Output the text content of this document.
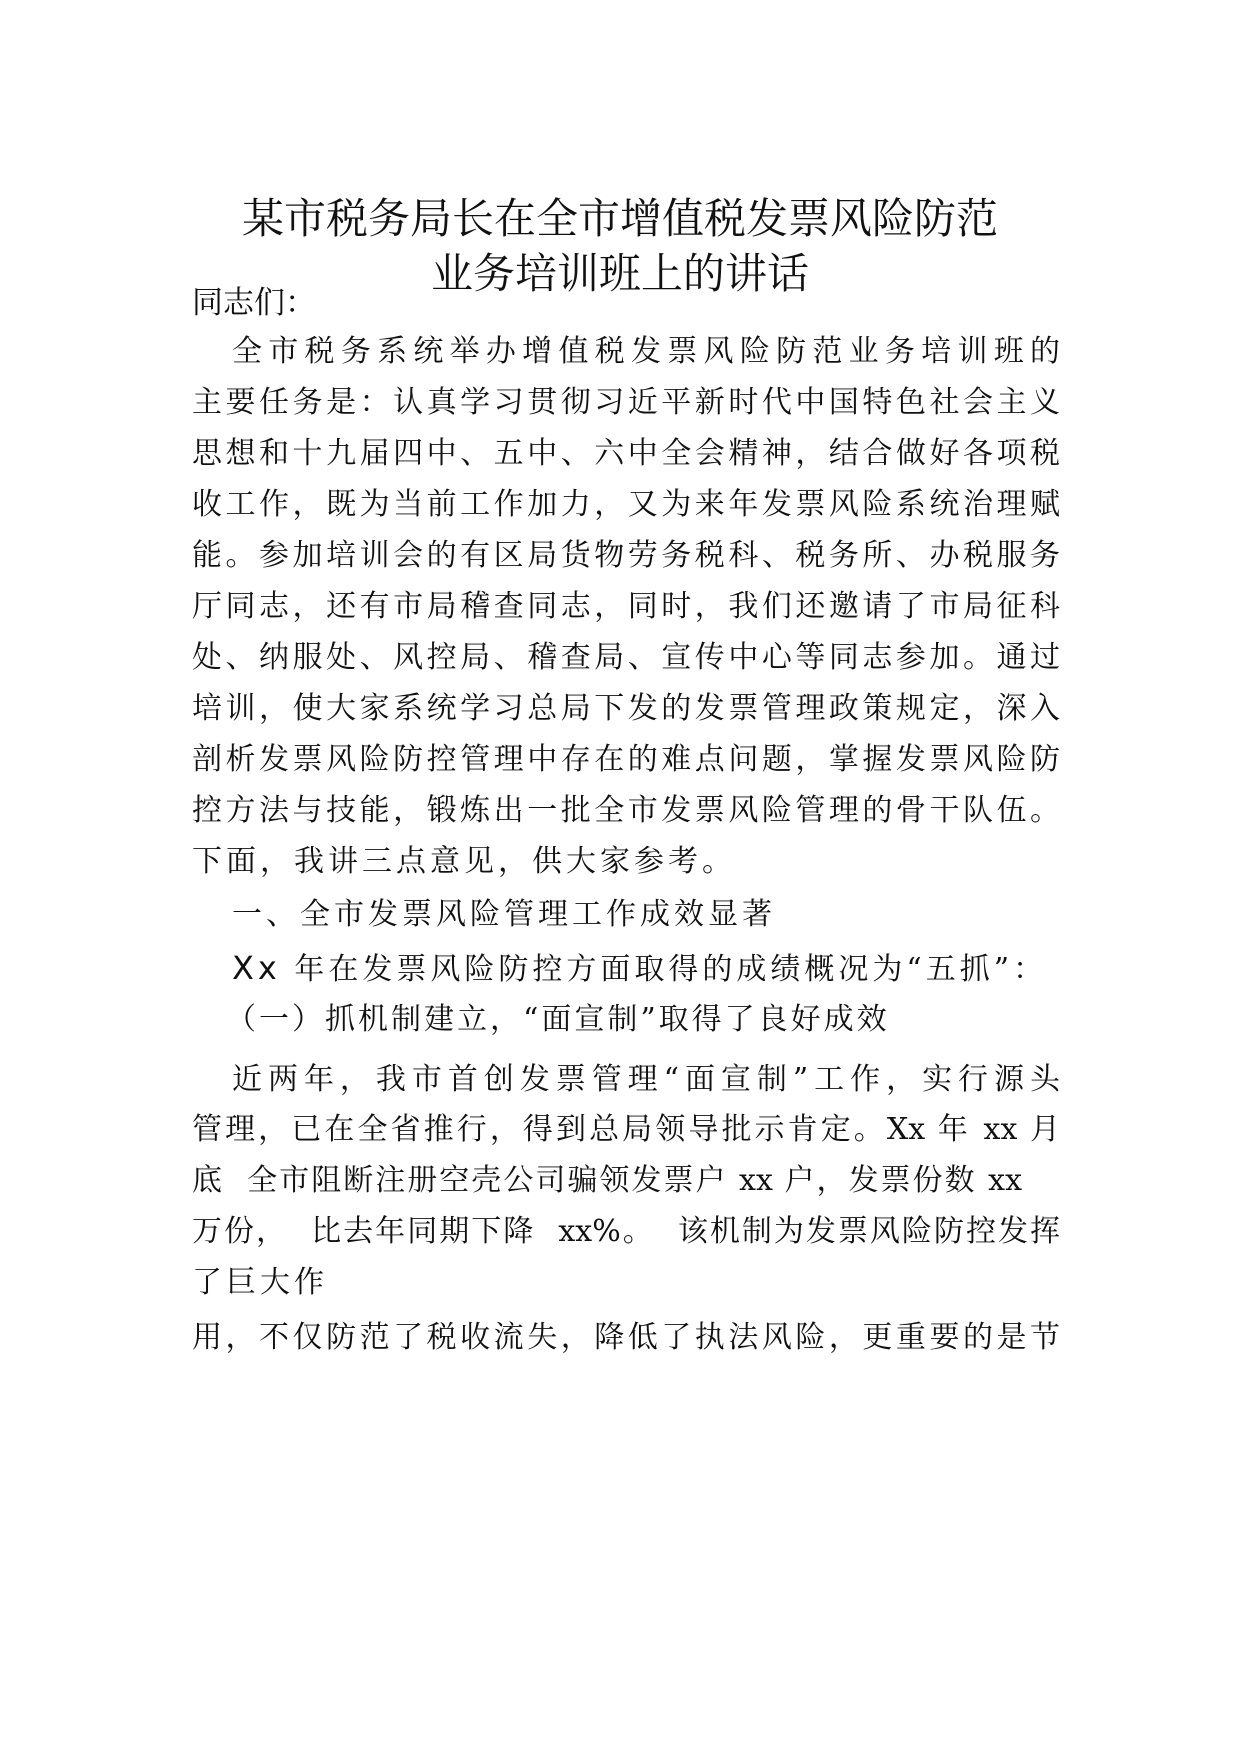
某市税务局长在全市增值税发票风险防范
业务培训班上的讲话
同志们：
全市税务系统举办增值税发票风险防范业务培训班的
主要任务是：认真学习贯彻习近平新时代中国特色社会主义
思想和十九届四中、五中、六中全会精神，结合做好各项税
收工作，既为当前工作加力，又为来年发票风险系统治理赋
能。参加培训会的有区局货物劳务税科、税务所、办税服务
厅同志，还有市局稽查同志，同时，我们还邀请了市局征科
处、纳服处、风控局、稽查局、宣传中心等同志参加。通过
培训，使大家系统学习总局下发的发票管理政策规定，深入
剖析发票风险防控管理中存在的难点问题，掌握发票风险防
控方法与技能，锻炼出一批全市发票风险管理的骨干队伍。
下面，我讲三点意见，供大家参考。
一、全市发票风险管理工作成效显著
Xx 年在发票风险防控方面取得的成绩概况为“五抓”：
（一）抓机制建立，“面宣制”取得了良好成效
近两年，我市首创发票管理“面宣制”工作，实行源头
管理，已在全省推行，得到总局领导批示肯定。Xx 年 xx 月
底  全市阻断注册空壳公司骗领发票户 xx 户，发票份数 xx
万份，  比去年同期下降  xx%。  该机制为发票风险防控发挥
了巨大作
用，不仅防范了税收流失，降低了执法风险，更重要的是节
